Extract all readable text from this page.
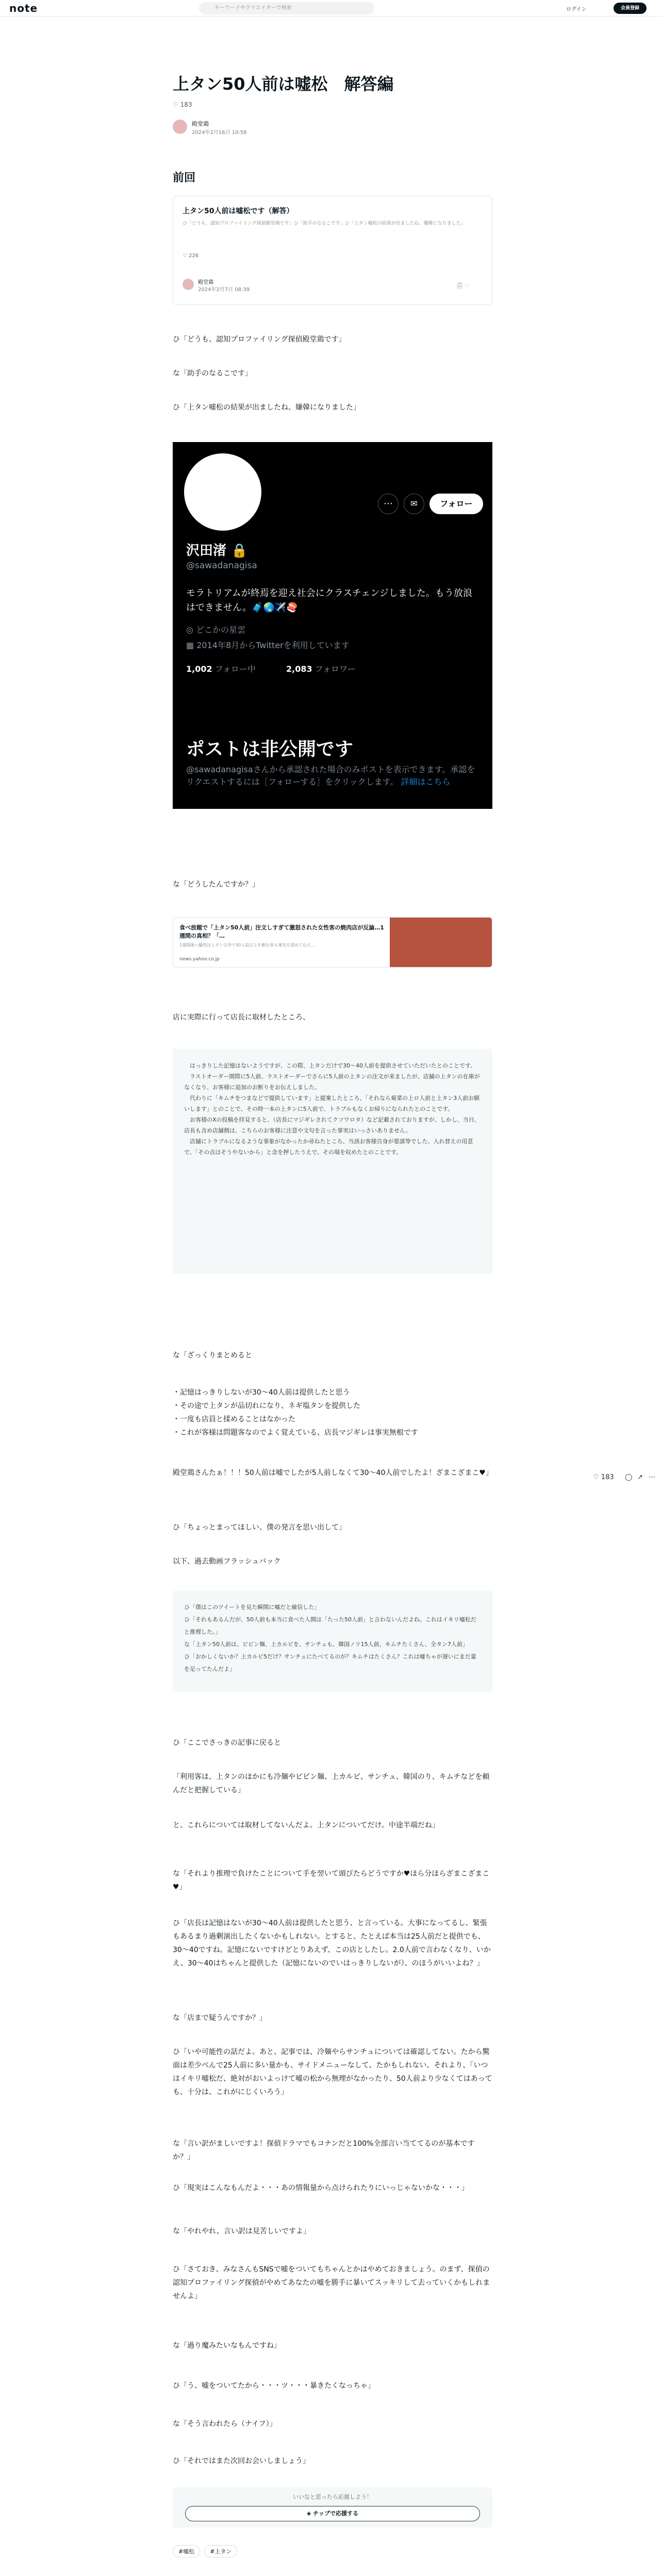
note	キーワードやクリエイターで検索	ログイン	会員登録
上タン50人前は嘘松　解答編
♡ 183
殿堂鶏
2024年2月16日 10:58
前回
上タン50人前は嘘松です（解答）
ひ「どうも、認知プロファイリング探偵殿堂鶏です」ひ「助手のなるこです」ひ「上タン嘘松の結果が出ましたね、嫌韓になりました」
♡ 226
殿堂鶏
2024年2月7日 08:39
🗐 ♡
ひ「どうも、認知プロファイリング探偵殿堂鶏です」
な「助手のなるこです」
ひ「上タン嘘松の結果が出ましたね、嫌韓になりました」
⋯	✉	フォロー
沢田渚 🔒
@sawadanagisa
モラトリアムが終焉を迎え社会にクラスチェンジしました。もう放浪はできません。🧳🌏✈️🍣
◎ どこかの星雲
▦ 2014年8月からTwitterを利用しています
1,002 フォロー中	2,083 フォロワー
ポストは非公開です
@sawadanagisaさんから承認された場合のみポストを表示できます。承認をリクエストするには［フォローする］をクリックします。 詳細はこちら
な「どうしたんですか？」
食べ放題で「上タン50人前」注文しすぎて激怒された女性客の焼肉店が反論…1週間の真相？「…
1週間後へ騒然は上タン以外で50人前以上を頼む客も事実を認めて伝え…
news.yahoo.co.jp
店に実際に行って店長に取材したところ、
　はっきりした記憶はないようですが、この際、上タンだけで30〜40人前を提供させていただいたとのことです。
　ラストオーダー間際に5人前、ラストオーダーでさらに5人前の上タンの注文が来ましたが、店舗の上タンの在庫がなくなり、お客様に追加のお断りをお伝えしました。
　代わりに「キムチをつまなどで提供しています」と提案したところ、「それなら菊菜の上ロ人前と上タン3人前お願いします」とのことで、その時一本の上タンに5人前で、トラブルもなくお帰りになられたとのことです。
　お客様のXの投稿を拝見すると、（店長にマジギレされてクソワロタ）など記載されておりますが、しかし、当日、店長も含め店舗側は、こちらのお客様に注意や文句を言った事実はいっさいありません。
　店舗にトラブルになるような事象がなかったか尋ねたところ、当該お客様自身が要請等でした。入れ替えの用意で、「その点はそうやないから」と念を押したうえで、その場を収めたとのことです。
な「ざっくりまとめると
・記憶はっきりしないが30〜40人前は提供したと思う
・その途で上タンが品切れになり、ネギ塩タンを提供した
・一度も店員と揉めることはなかった
・これが客様は問題客なのでよく覚えている、店長マジギレは事実無根です
殿堂鶏さんたぁ！！！50人前は嘘でしたが5人前しなくて30〜40人前でしたよ！ざまこざまこ♥」
ひ「ちょっとまってほしい、僕の発言を思い出して」
以下、過去動画フラッシュバック
ひ「僕はこのツイートを見た瞬間に嘘だと確信した」
ひ「それもあるんだが、50人前も本当に食べた人間は「たった50人前」と言わないんだよね。これはイキリ嘘松だと推理した。」
な「上タン50人前は、ビビン麺、上カルビを、サンチュも、韓国ノリ15人前、キムチたくさん、全タン7人前」
ひ「おかしくないか？上カルビ5だけ？サンチュにたべてるのが？キムチはたくさん？これは嘘ちゃが遅いにまだ量を足ってたんだよ」
ひ「ここでさっきの記事に戻ると
「利用客は、上タンのほかにも冷麺やビビン麺、上カルビ、サンチュ、韓国のり、キムチなどを頼んだと把握している」
と、これらについては取材してないんだよ。上タンについてだけ。中途半端だね」
な「それより推理で負けたことについて手を翌いて頭びたらどうですか♥ほら分ほらざまこざまこ♥」
ひ「店長は記憶はないが30〜40人前は提供したと思う、と言っている。大事になってるし、緊張もあるまり過剰演出したくないかもしれない。とすると、たとえば本当は25人前だと提供でも、30〜40ですね。記憶にないですけどとりあえず、この店としたし。2.0人前で言わなくなり、いかえ、30〜40はちゃんと提供した（記憶にないのでいはっきりしないが）、のほうがいいよね？」
な「店まで疑うんですか？」
ひ「いや可能性の話だよ。あと、記事では、冷麺やらサンチュについては確認してない。たから驚面は差少ぺんで25人前に多い量かも、サイドメニューなして、たかもしれない。それより、「いつはイキリ嘘松だ、絶対がおいよっけて嘘の松から無理がなかったり、50人前より少なくてはあっても、十分は、これがにじくいろう」
な「言い訳がましいですよ！探偵ドラマでもコナンだと100%全部言い当ててるのが基本ですか？」
ひ「現実はこんなもんだよ・・・あの情報量から点けられたりにいっじゃないかな・・・」
な「やれやれ、言い訳は見苦しいですよ」
ひ「さておき、みなさんもSNSで嘘をついてもちゃんとかはやめておきましょう。のまず、探偵の認知プロファイリング探偵がやめてあなたの嘘を勝手に暴いてスッキリして去っていくかもしれませんよ」
な「過り魔みたいなもんですね」
ひ「う、嘘をついてたから・・・ツ・・・暴きたくなっちゃ」
な「そう言われたら（ナイフ）」
ひ「それではまた次回お会いしましょう」
♡ 183 ◯ ↗ ⋯
いいなと思ったら応援しよう！
◈ チップで応援する
#嘘松	#上タン
